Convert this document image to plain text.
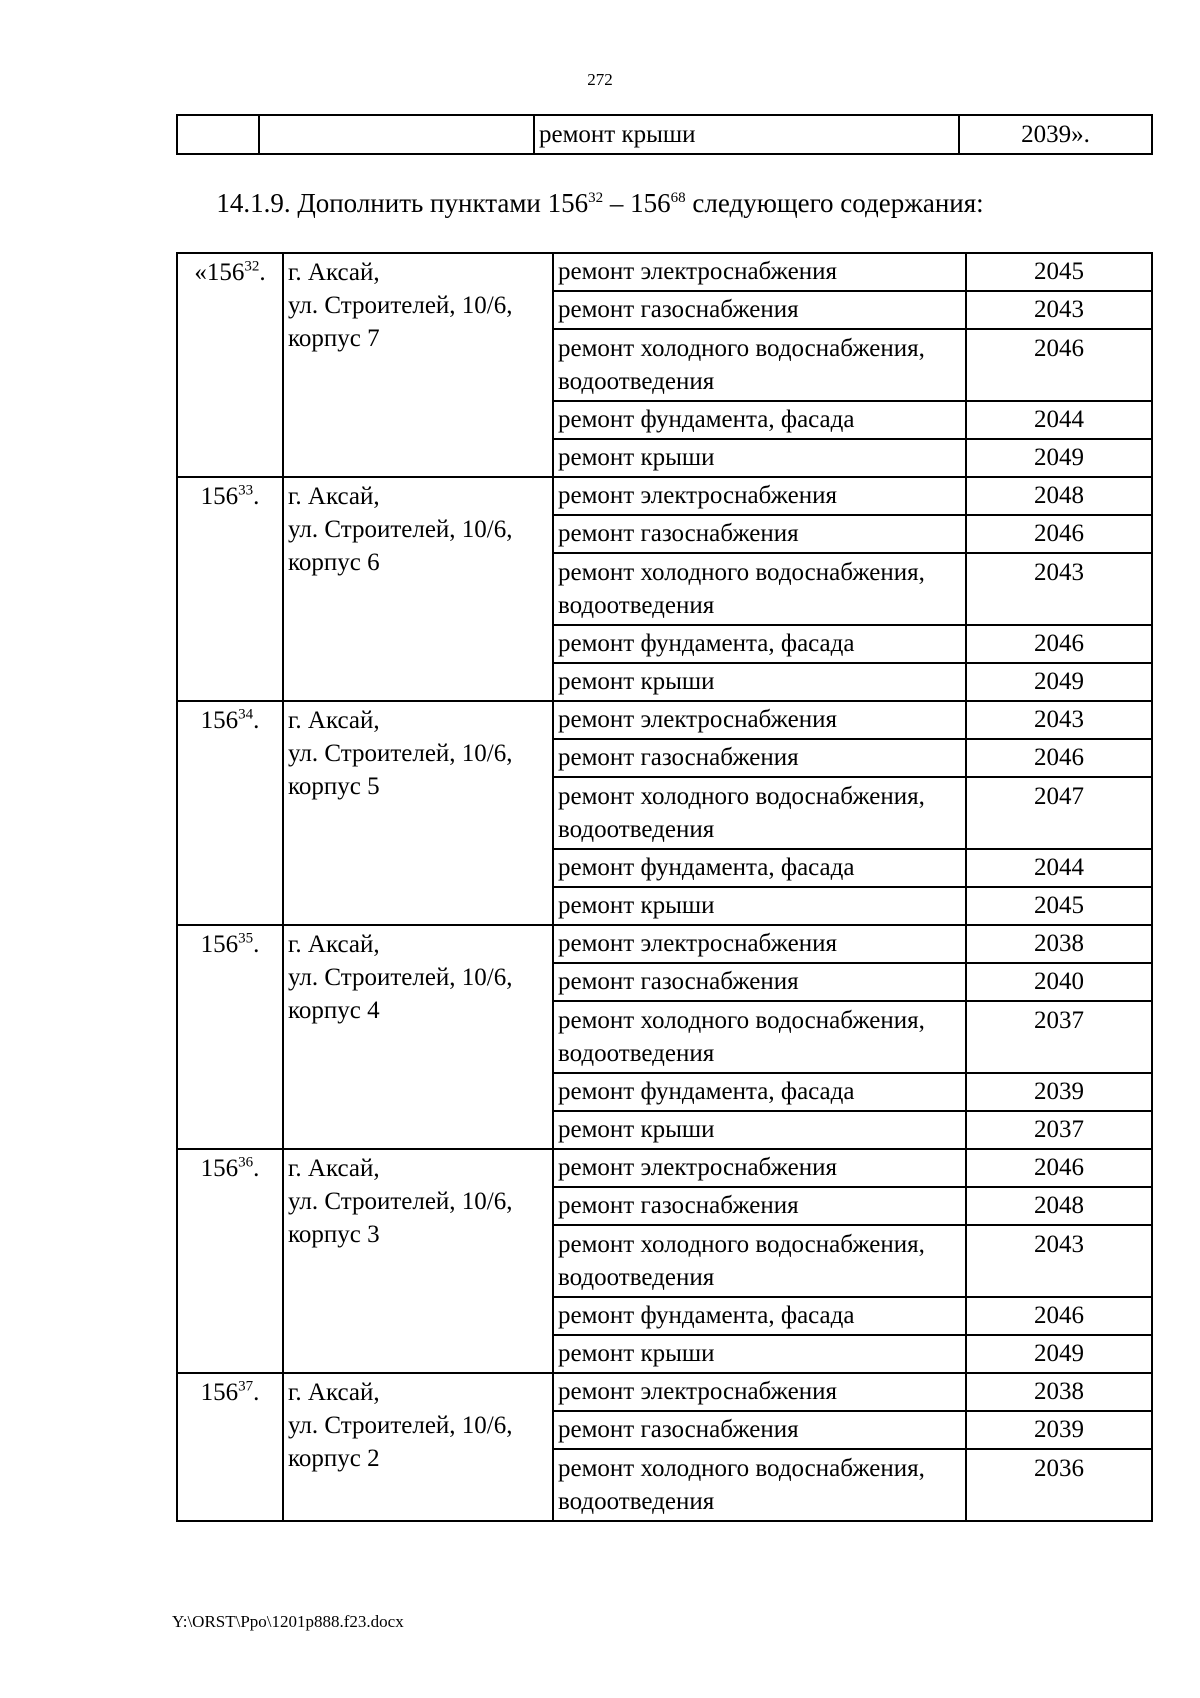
272
		ремонт крыши	2039».
14.1.9. Дополнить пунктами $156^{32} - 156^{68}$ следующего содержания:
«$156^{32}$.	г. Аксай,
ул. Строителей, 10/6,
корпус 7	ремонт электроснабжения	2045
		ремонт газоснабжения	2043
		ремонт холодного водоснабжения, водоотведения	2046
		ремонт фундамента, фасада	2044
		ремонт крыши	2049
$156^{33}$.	г. Аксай,
ул. Строителей, 10/6,
корпус 6	ремонт электроснабжения	2048
		ремонт газоснабжения	2046
		ремонт холодного водоснабжения, водоотведения	2043
		ремонт фундамента, фасада	2046
		ремонт крыши	2049
$156^{34}$.	г. Аксай,
ул. Строителей, 10/6,
корпус 5	ремонт электроснабжения	2043
		ремонт газоснабжения	2046
		ремонт холодного водоснабжения, водоотведения	2047
		ремонт фундамента, фасада	2044
		ремонт крыши	2045
$156^{35}$.	г. Аксай,
ул. Строителей, 10/6,
корпус 4	ремонт электроснабжения	2038
		ремонт газоснабжения	2040
		ремонт холодного водоснабжения, водоотведения	2037
		ремонт фундамента, фасада	2039
		ремонт крыши	2037
$156^{36}$.	г. Аксай,
ул. Строителей, 10/6,
корпус 3	ремонт электроснабжения	2046
		ремонт газоснабжения	2048
		ремонт холодного водоснабжения, водоотведения	2043
		ремонт фундамента, фасада	2046
		ремонт крыши	2049
$156^{37}$.	г. Аксай,
ул. Строителей, 10/6,
корпус 2	ремонт электроснабжения	2038
		ремонт газоснабжения	2039
		ремонт холодного водоснабжения, водоотведения	2036
Y:\ORST\Ppo\1201p888.f23.docx
